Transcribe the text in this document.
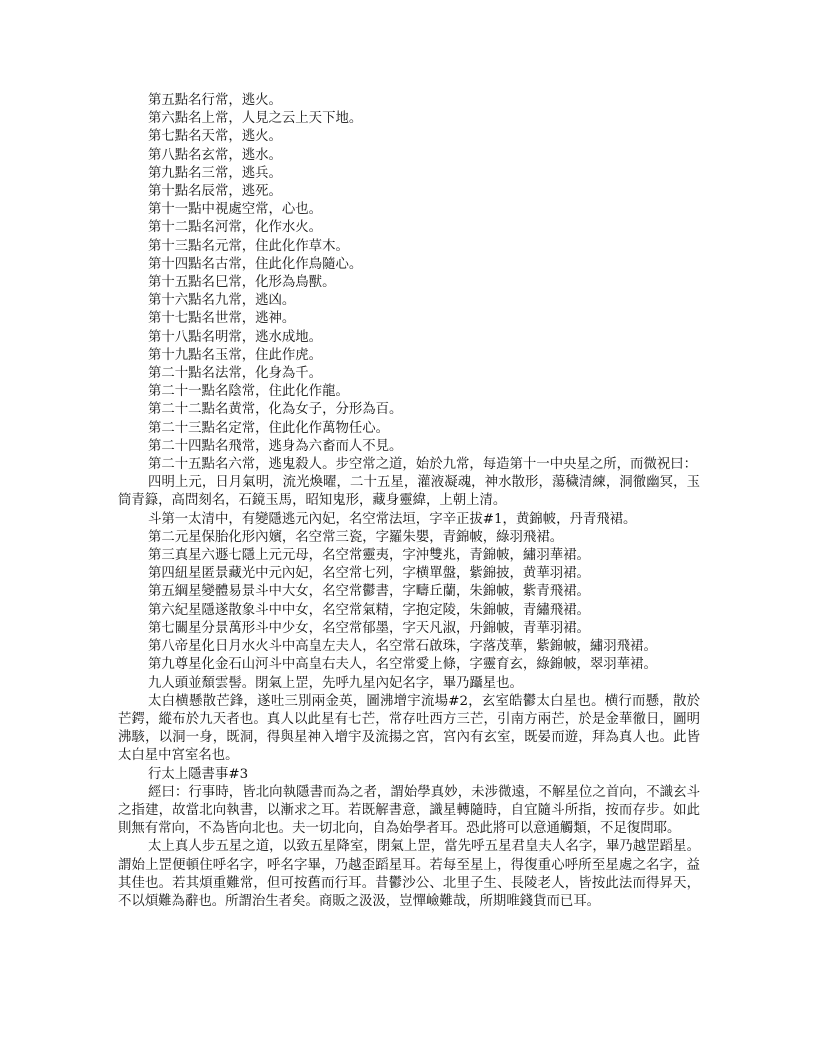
第五點名行常，逃火。

第六點名上常，人見之云上天下地。

第七點名天常，逃火。

第八點名玄常，逃水。

第九點名三常，逃兵。

第十點名辰常，逃死。

第十一點中視處空常，心也。

第十二點名河常，化作水火。

第十三點名元常，住此化作草木。

第十四點名古常，住此化作鳥隨心。

第十五點名巳常，化形為鳥獸。

第十六點名九常，逃凶。

第十七點名世常，逃神。

第十八點名明常，逃水成地。

第十九點名玉常，住此作虎。

第二十點名法常，化身為千。

第二十一點名陰常，住此化作龍。

第二十二點名黄常，化為女子，分形為百。

第二十三點名定常，住此化作萬物任心。

第二十四點名飛常，逃身為六畜而人不見。

第二十五點名六常，逃鬼殺人。步空常之道，始於九常，每造第十一中央星之所，而微祝曰：

四明上元，日月氣明，流光煥曜，二十五星，灌液凝魂，神水散形，蕩穢清練，洞徹幽冥，玉筒青籙，高問刻名，石鏡玉馬，昭知鬼形，藏身靈緯，上朝上清。

斗第一太清中，有變隱逃元內妃，名空常法垣，字辛正拔#1，黄錦帔，丹青飛裙。

第二元星保胎化形內嬪，名空常三瓷，字羅朱嬰，青錦帔，綠羽飛裙。

第三真星六遯七隱上元元母，名空常靈夷，字沖雙兆，青錦帔，繡羽華裙。

第四紐星匿景藏光中元內妃，名空常七列，字横單盤，紫錦披，黄華羽裙。

第五綱星變體易景斗中大女，名空常鬱書，字疇丘蘭，朱錦帔，紫青飛裙。

第六紀星隱遂散象斗中中女，名空常氣精，字抱定陵，朱錦帔，青繡飛裙。

第七關星分景萬形斗中少女，名空常郁墨，字天凡淑，丹錦帔，青華羽裙。

第八帝星化日月水火斗中高皇左夫人，名空常石啟珠，字落茂華，紫錦帔，繡羽飛裙。

第九尊星化金石山河斗中高皇右夫人，名空常愛上條，字靈育玄，綠錦帔，翠羽華裙。

九人頭並頹雲髻。閉氣上罡，先呼九星內妃名字，畢乃躡星也。

太白横懸散芒鋒，遂吐三別兩金英，圖沸增宇流場#2，玄室皓鬱太白星也。横行而懸，散於芒鍔，縱布於九天者也。真人以此星有七芒，常存吐西方三芒，引南方兩芒，於是金華徹日，圖明沸駭，以洞一身，既洞，得與星神入增宇及流揚之宮，宮內有玄室，既晏而遊，拜為真人也。此皆太白星中宮室名也。

行太上隱書事#3

經曰：行事時，皆北向執隱書而為之者，謂始學真妙，未涉微遠，不解星位之首向，不識玄斗之指建，故當北向執書，以漸求之耳。若既解書意，識星轉隨時，自宜隨斗所指，按而存步。如此則無有常向，不為皆向北也。夫一切北向，自為始學者耳。恐此將可以意通觸類，不足復問耶。

太上真人步五星之道，以致五星降室，閉氣上罡，當先呼五星君皇夫人名字，畢乃越罡蹈星。謂始上罡便頓住呼名字，呼名字畢，乃越歪蹈星耳。若每至星上，得復重心呼所至星處之名字，益其佳也。若其煩重難常，但可按舊而行耳。昔鬱沙公、北里子生、長陵老人，皆按此法而得昇天，不以煩難為辭也。所謂治生者矣。商販之汲汲，豈憚嶮難哉，所期唯錢貨而已耳。
